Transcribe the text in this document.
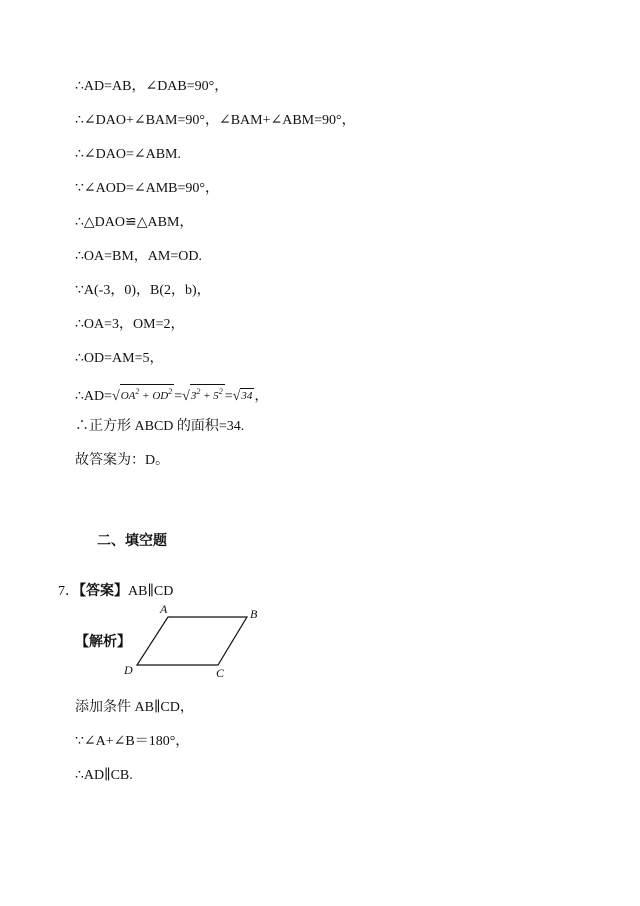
∴AD=AB，∠DAB=90°，
∴∠DAO+∠BAM=90°，∠BAM+∠ABM=90°，
∴∠DAO=∠ABM.
∵∠AOD=∠AMB=90°，
∴△DAO≌△ABM，
∴OA=BM，AM=OD.
∵A(-3，0)，B(2，b)，
∴OA=3，OM=2，
∴OD=AM=5，
$\therefore AD=√OA^2 + OD^2 =√3^2 + 5^2 =√34$ ，
∴正方形 ABCD 的面积=34.
故答案为：D。
二、填空题
7．【答案】AB∥CD
【解析】
A	B
C
D
添加条件 AB∥CD，
∵∠A+∠B＝180°，
∴AD∥CB.
